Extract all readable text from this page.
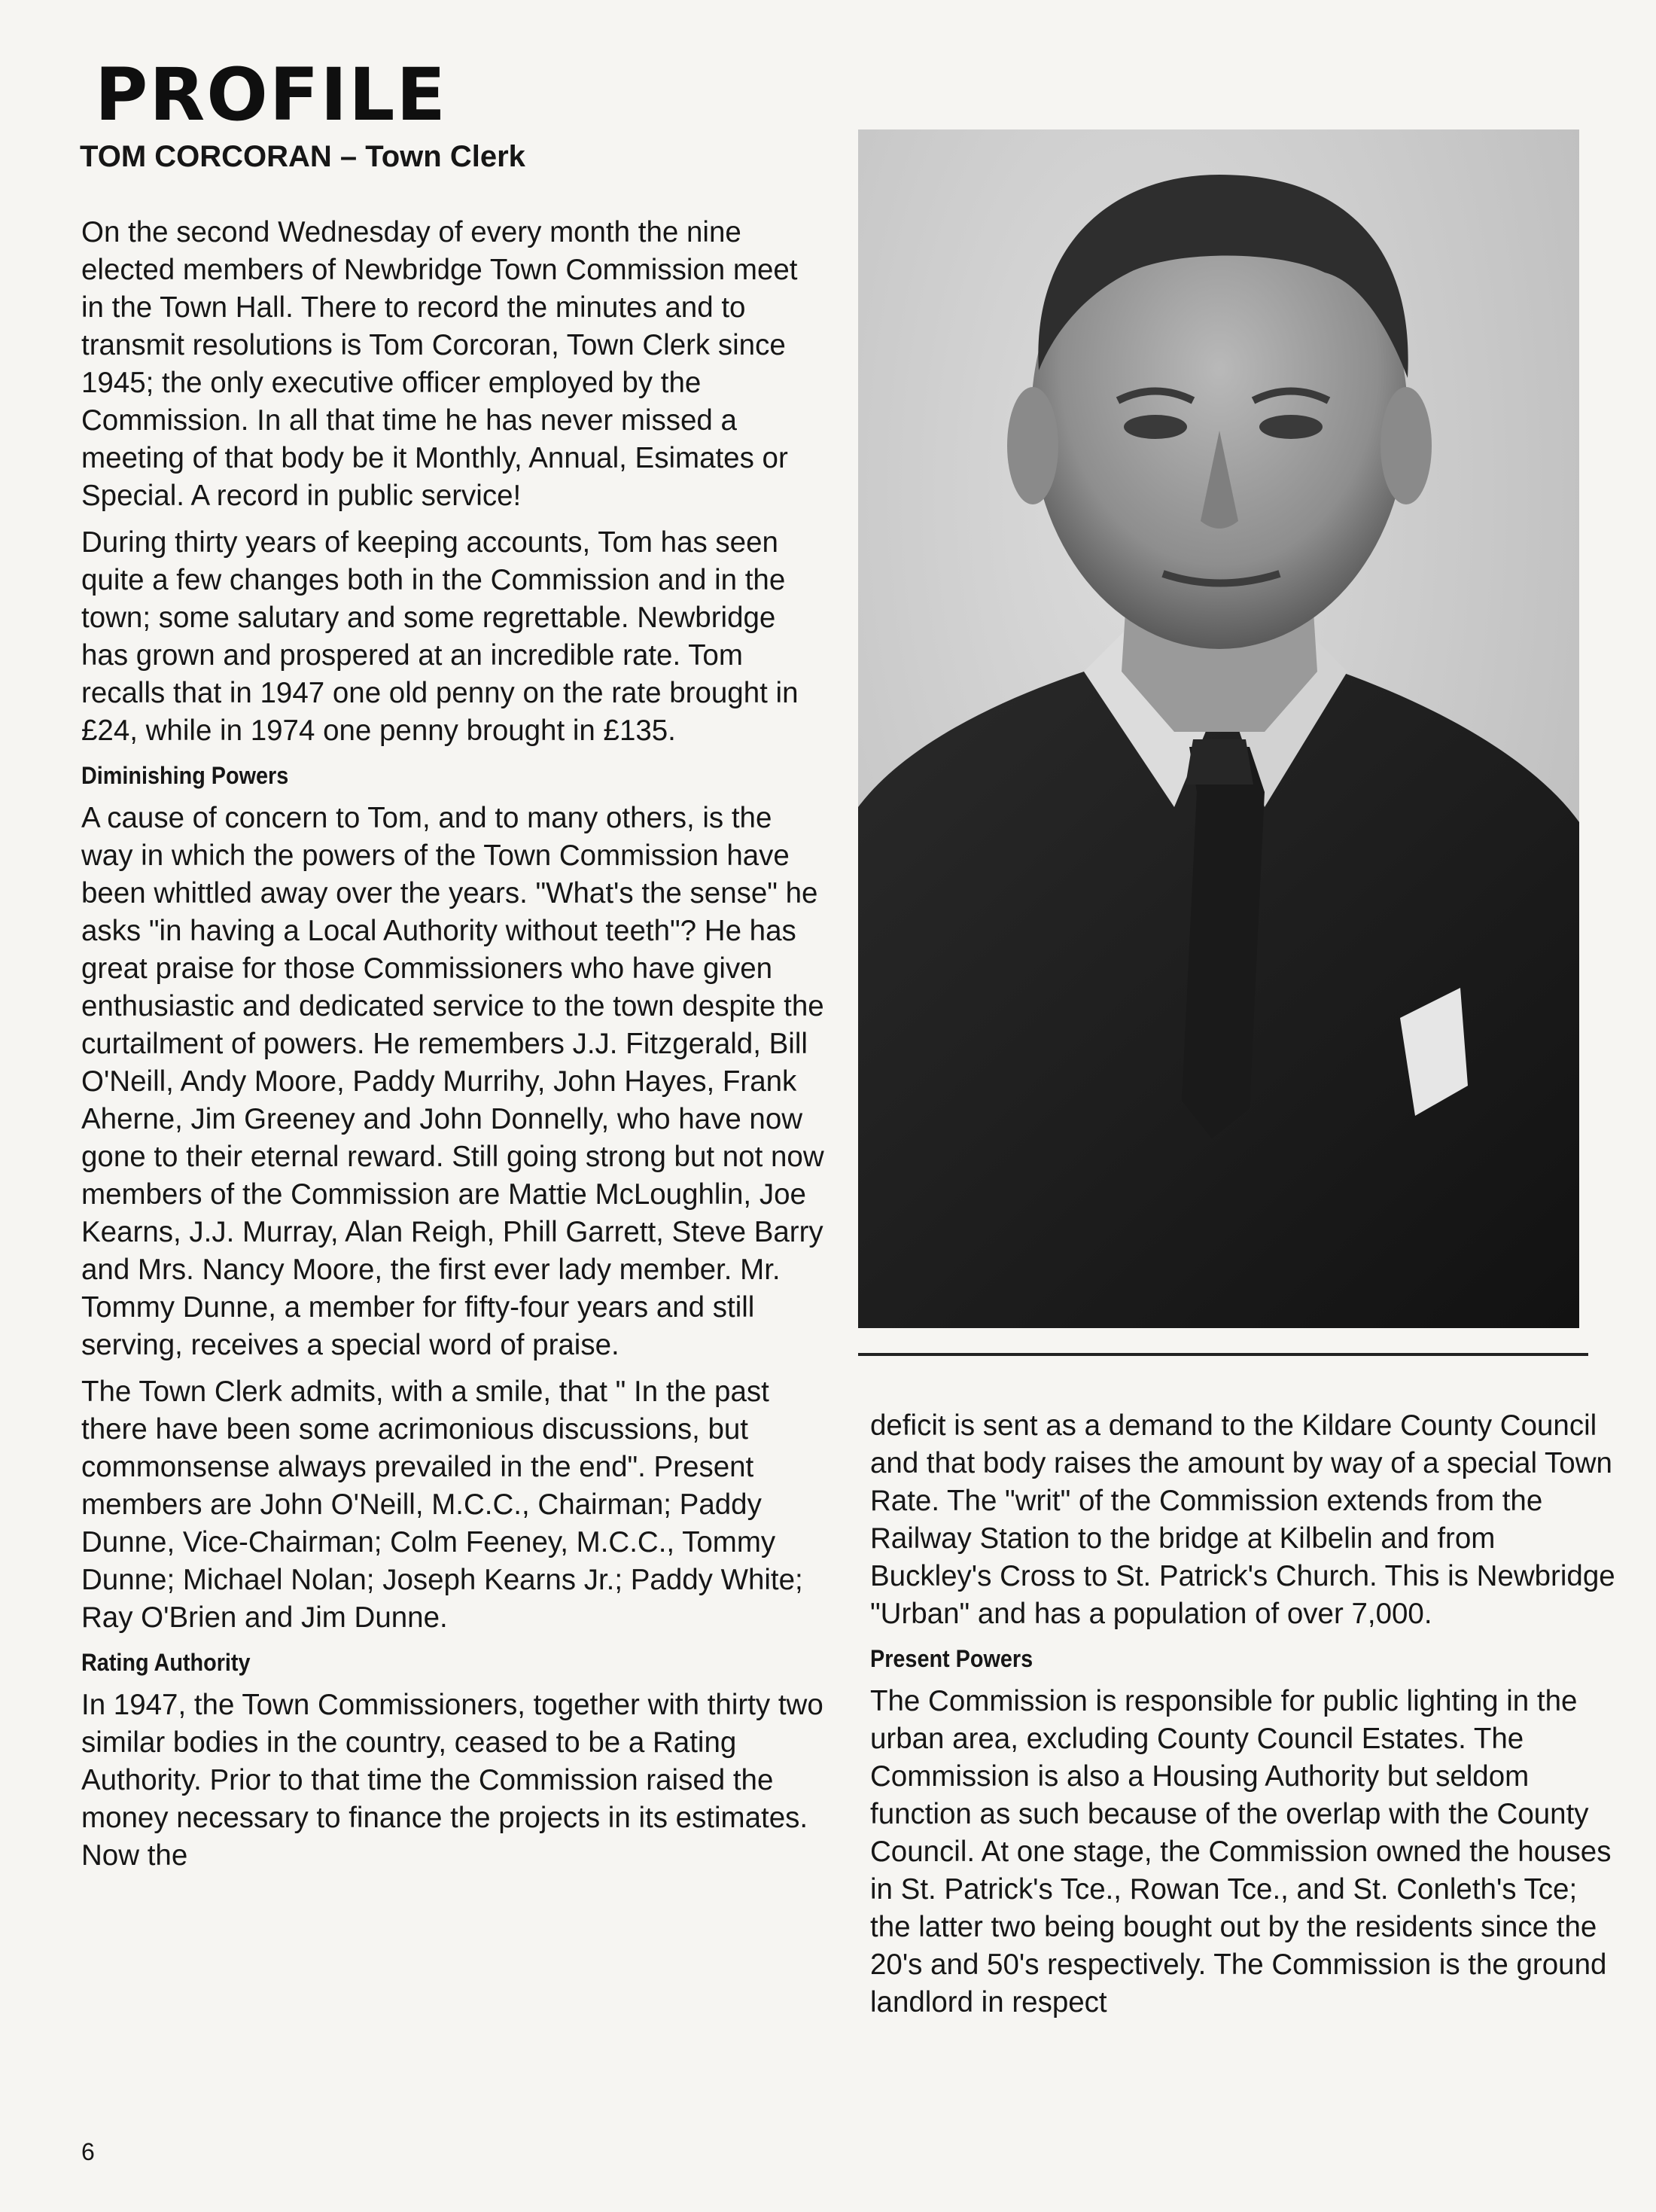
PROFILE
TOM CORCORAN – Town Clerk

On the second Wednesday of every month the nine elected members of Newbridge Town Commission meet in the Town Hall. There to record the minutes and to transmit resolutions is Tom Corcoran, Town Clerk since 1945; the only executive officer employed by the Commission. In all that time he has never missed a meeting of that body be it Monthly, Annual, Esimates or Special. A record in public service!

During thirty years of keeping accounts, Tom has seen quite a few changes both in the Commission and in the town; some salutary and some regrettable. Newbridge has grown and prospered at an incredible rate. Tom recalls that in 1947 one old penny on the rate brought in £24, while in 1974 one penny brought in £135.

Diminishing Powers

A cause of concern to Tom, and to many others, is the way in which the powers of the Town Commission have been whittled away over the years. "What's the sense" he asks "in having a Local Authority without teeth"? He has great praise for those Commissioners who have given enthusiastic and dedicated service to the town despite the curtailment of powers. He remembers J.J. Fitzgerald, Bill O'Neill, Andy Moore, Paddy Murrihy, John Hayes, Frank Aherne, Jim Greeney and John Donnelly, who have now gone to their eternal reward. Still going strong but not now members of the Commission are Mattie McLoughlin, Joe Kearns, J.J. Murray, Alan Reigh, Phill Garrett, Steve Barry and Mrs. Nancy Moore, the first ever lady member. Mr. Tommy Dunne, a member for fifty-four years and still serving, receives a special word of praise.

The Town Clerk admits, with a smile, that " In the past there have been some acrimonious discussions, but commonsense always prevailed in the end". Present members are John O'Neill, M.C.C., Chairman; Paddy Dunne, Vice-Chairman; Colm Feeney, M.C.C., Tommy Dunne; Michael Nolan; Joseph Kearns Jr.; Paddy White; Ray O'Brien and Jim Dunne.

Rating Authority

In 1947, the Town Commissioners, together with thirty two similar bodies in the country, ceased to be a Rating Authority. Prior to that time the Commission raised the money necessary to finance the projects in its estimates. Now the

deficit is sent as a demand to the Kildare County Council and that body raises the amount by way of a special Town Rate. The "writ" of the Commission extends from the Railway Station to the bridge at Kilbelin and from Buckley's Cross to St. Patrick's Church. This is Newbridge "Urban" and has a population of over 7,000.

Present Powers

The Commission is responsible for public lighting in the urban area, excluding County Council Estates. The Commission is also a Housing Authority but seldom function as such because of the overlap with the County Council. At one stage, the Commission owned the houses in St. Patrick's Tce., Rowan Tce., and St. Conleth's Tce; the latter two being bought out by the residents since the 20's and 50's respectively. The Commission is the ground landlord in respect

6
